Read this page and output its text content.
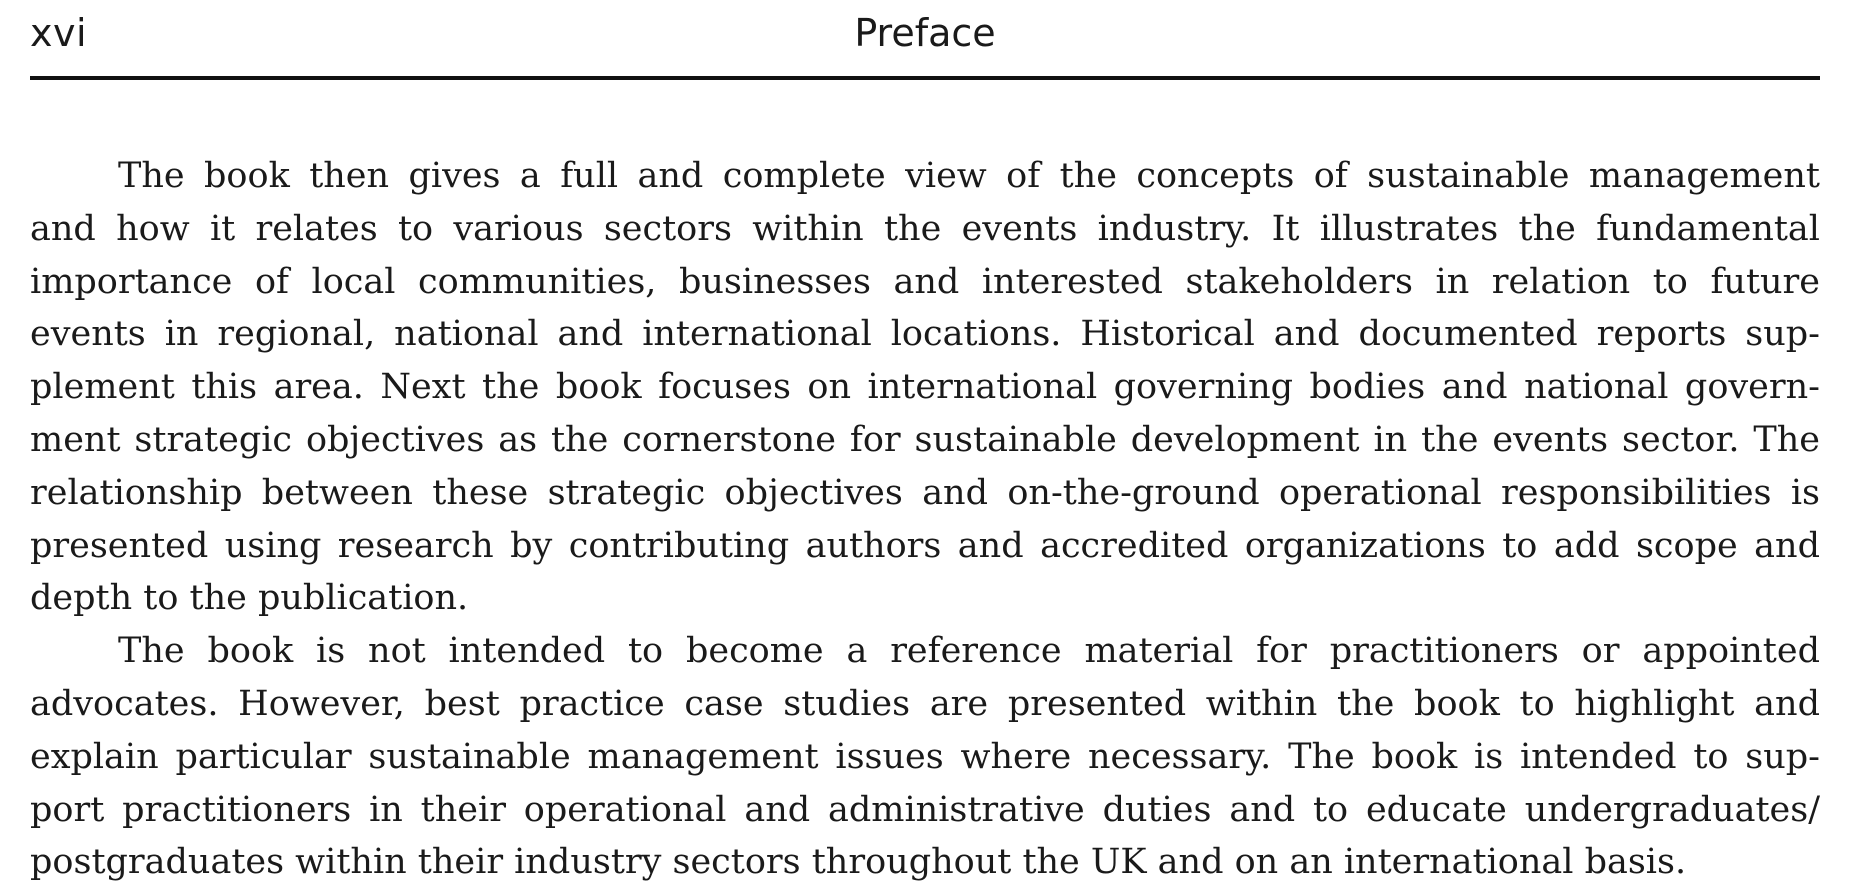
xvi	Preface
The book then gives a full and complete view of the concepts of sustainable management
and how it relates to various sectors within the events industry. It illustrates the fundamental
importance of local communities, businesses and interested stakeholders in relation to future
events in regional, national and international locations. Historical and documented reports sup-
plement this area. Next the book focuses on international governing bodies and national govern-
ment strategic objectives as the cornerstone for sustainable development in the events sector. The
relationship between these strategic objectives and on-the-ground operational responsibilities is
presented using research by contributing authors and accredited organizations to add scope and
depth to the publication.
The book is not intended to become a reference material for practitioners or appointed
advocates. However, best practice case studies are presented within the book to highlight and
explain particular sustainable management issues where necessary. The book is intended to sup-
port practitioners in their operational and administrative duties and to educate undergraduates/
postgraduates within their industry sectors throughout the UK and on an international basis.
